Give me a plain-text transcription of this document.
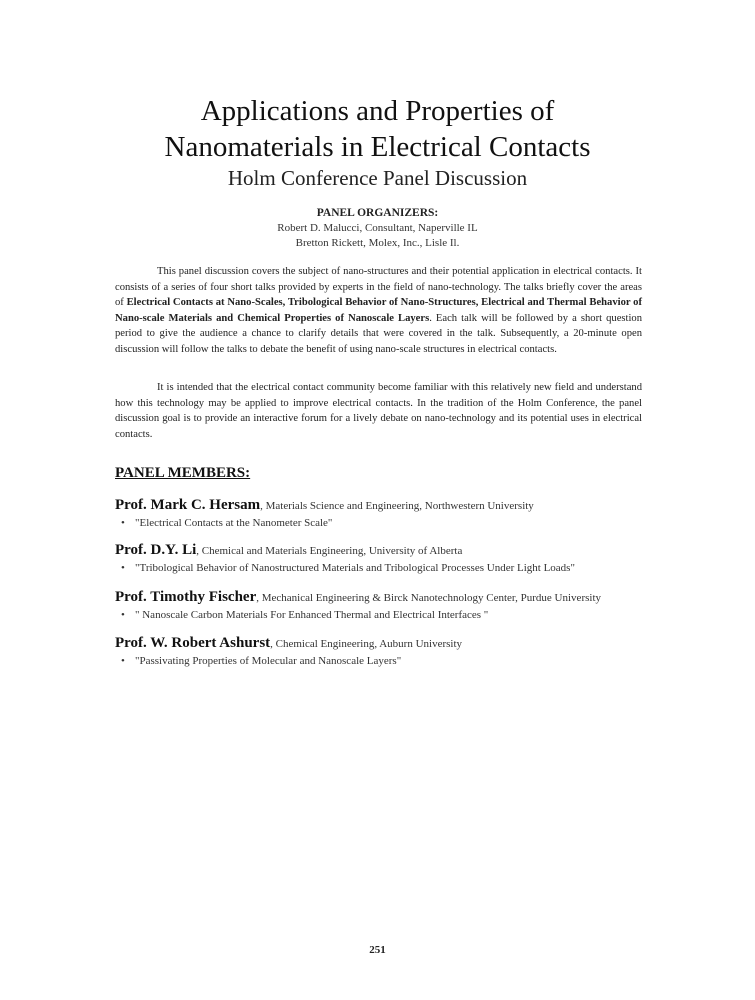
Applications and Properties of
Nanomaterials in Electrical Contacts
Holm Conference Panel Discussion
PANEL ORGANIZERS:
Robert D. Malucci, Consultant, Naperville IL
Bretton Rickett, Molex, Inc., Lisle Il.
This panel discussion covers the subject of nano-structures and their potential application in electrical contacts. It consists of a series of four short talks provided by experts in the field of nano-technology. The talks briefly cover the areas of Electrical Contacts at Nano-Scales, Tribological Behavior of Nano-Structures, Electrical and Thermal Behavior of Nano-scale Materials and Chemical Properties of Nanoscale Layers. Each talk will be followed by a short question period to give the audience a chance to clarify details that were covered in the talk. Subsequently, a 20-minute open discussion will follow the talks to debate the benefit of using nano-scale structures in electrical contacts.
It is intended that the electrical contact community become familiar with this relatively new field and understand how this technology may be applied to improve electrical contacts. In the tradition of the Holm Conference, the panel discussion goal is to provide an interactive forum for a lively debate on nano-technology and its potential uses in electrical contacts.
PANEL MEMBERS:
Prof. Mark C. Hersam, Materials Science and Engineering, Northwestern University
• "Electrical Contacts at the Nanometer Scale"
Prof. D.Y. Li, Chemical and Materials Engineering, University of Alberta
• "Tribological Behavior of Nanostructured Materials and Tribological Processes Under Light Loads"
Prof. Timothy Fischer, Mechanical Engineering & Birck Nanotechnology Center, Purdue University
• " Nanoscale Carbon Materials For Enhanced Thermal and Electrical Interfaces "
Prof. W. Robert Ashurst, Chemical Engineering, Auburn University
• "Passivating Properties of Molecular and Nanoscale Layers"
251
